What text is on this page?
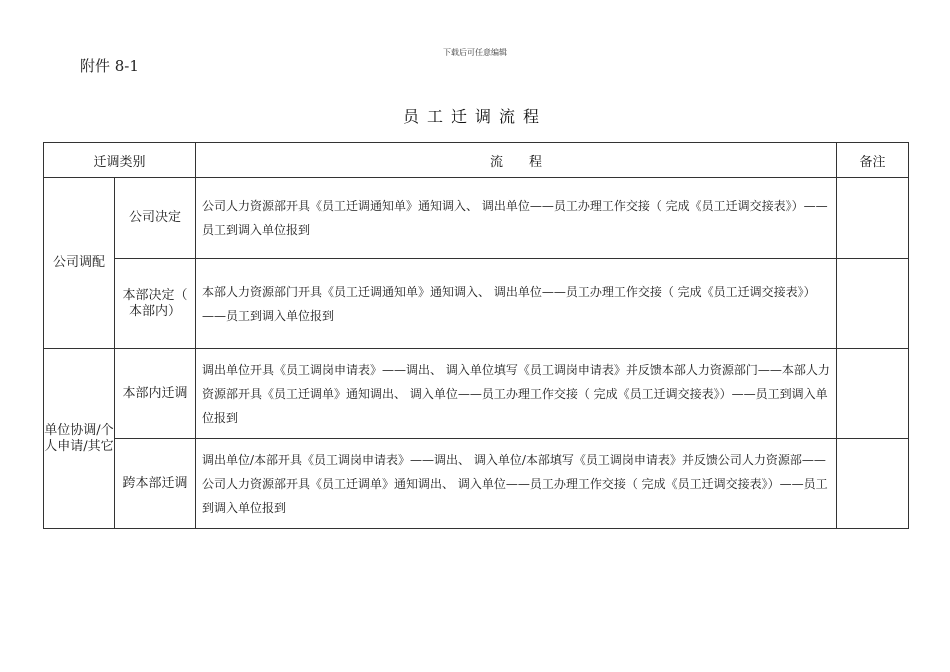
下载后可任意编辑
附件 8-1
员工迁调流程
迁调类别		流　　程	备注
公司调配	公司决定	公司人力资源部开具《员工迁调通知单》通知调入、 调出单位——员工办理工作交接（ 完成《员工迁调交接表》）——员工到调入单位报到	
	本部决定（ 本部内）	本部人力资源部门开具《员工迁调通知单》通知调入、 调出单位——员工办理工作交接（ 完成《员工迁调交接表》）——员工到调入单位报到	
单位协调/个人申请/其它	本部内迁调	调出单位开具《员工调岗申请表》——调出、 调入单位填写《员工调岗申请表》并反馈本部人力资源部门——本部人力资源部开具《员工迁调单》通知调出、 调入单位——员工办理工作交接（ 完成《员工迁调交接表》）——员工到调入单位报到	
	跨本部迁调	调出单位/本部开具《员工调岗申请表》——调出、 调入单位/本部填写《员工调岗申请表》并反馈公司人力资源部——公司人力资源部开具《员工迁调单》通知调出、 调入单位——员工办理工作交接（ 完成《员工迁调交接表》）——员工到调入单位报到	
